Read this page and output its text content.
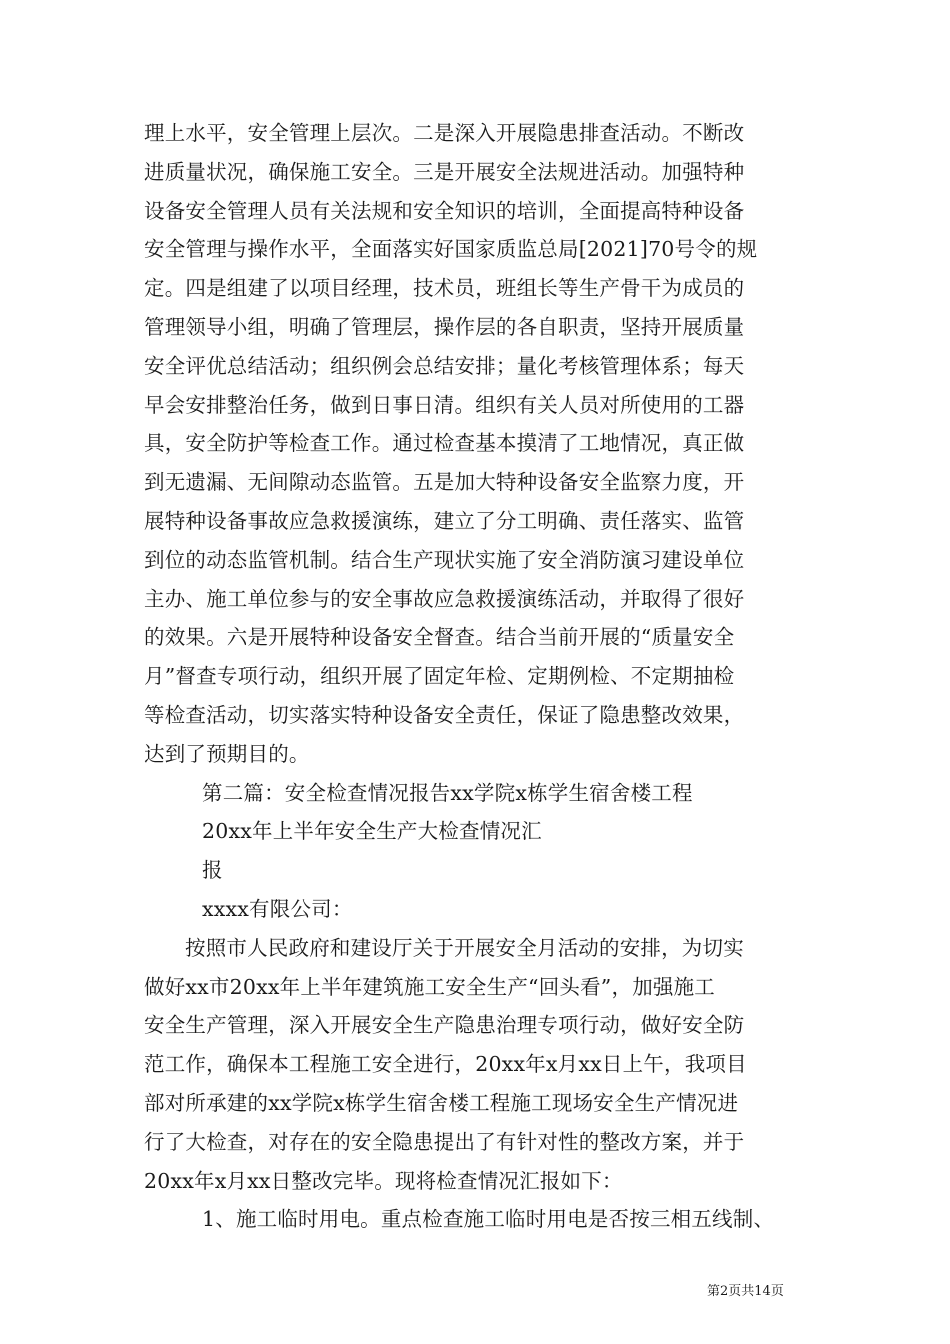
理上水平，安全管理上层次。二是深入开展隐患排查活动。不断改
进质量状况，确保施工安全。三是开展安全法规进活动。加强特种
设备安全管理人员有关法规和安全知识的培训，全面提高特种设备
安全管理与操作水平，全面落实好国家质监总局[2021]70号令的规
定。四是组建了以项目经理，技术员，班组长等生产骨干为成员的
管理领导小组，明确了管理层，操作层的各自职责，坚持开展质量
安全评优总结活动；组织例会总结安排；量化考核管理体系；每天
早会安排整治任务，做到日事日清。组织有关人员对所使用的工器
具，安全防护等检查工作。通过检查基本摸清了工地情况，真正做
到无遗漏、无间隙动态监管。五是加大特种设备安全监察力度，开
展特种设备事故应急救援演练，建立了分工明确、责任落实、监管
到位的动态监管机制。结合生产现状实施了安全消防演习建设单位
主办、施工单位参与的安全事故应急救援演练活动，并取得了很好
的效果。六是开展特种设备安全督查。结合当前开展的“质量安全
月”督查专项行动，组织开展了固定年检、定期例检、不定期抽检
等检查活动，切实落实特种设备安全责任，保证了隐患整改效果，
达到了预期目的。
第二篇：安全检查情况报告xx学院x栋学生宿舍楼工程
20xx年上半年安全生产大检查情况汇
报
xxxx有限公司：
按照市人民政府和建设厅关于开展安全月活动的安排，为切实
做好xx市20xx年上半年建筑施工安全生产“回头看”，加强施工
安全生产管理，深入开展安全生产隐患治理专项行动，做好安全防
范工作，确保本工程施工安全进行，20xx年x月xx日上午，我项目
部对所承建的xx学院x栋学生宿舍楼工程施工现场安全生产情况进
行了大检查，对存在的安全隐患提出了有针对性的整改方案，并于
20xx年x月xx日整改完毕。现将检查情况汇报如下：
1、施工临时用电。重点检查施工临时用电是否按三相五线制、
第2页共14页
